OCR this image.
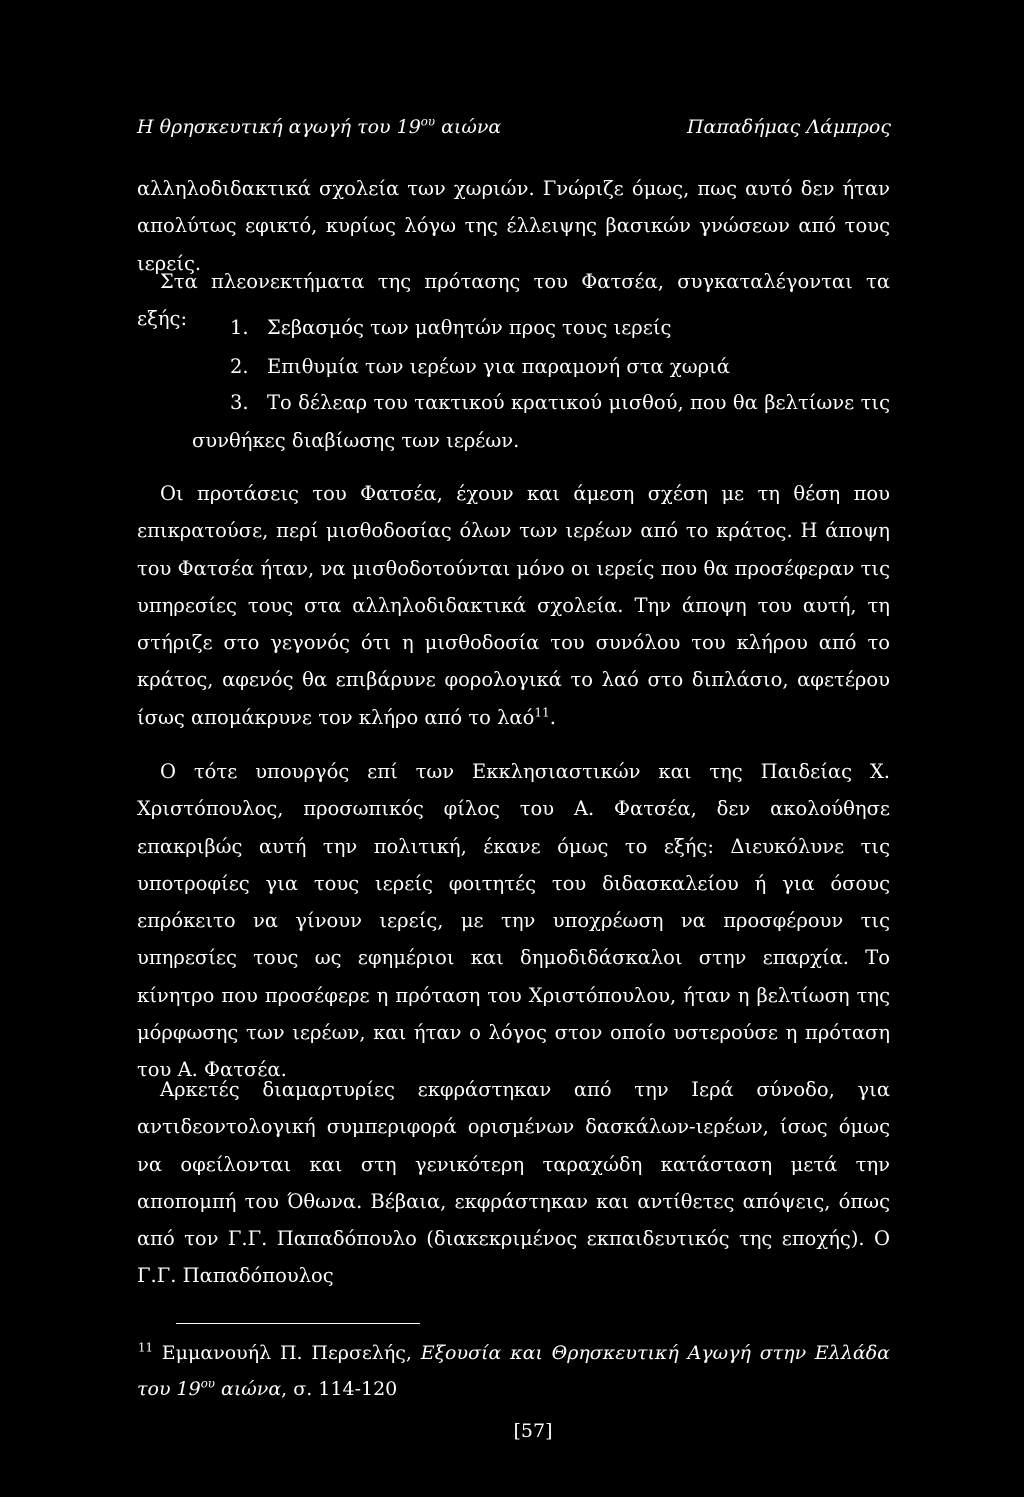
Η θρησκευτική αγωγή του $19^{o\upsilon}$ αιώνα	Παπαδήμας Λάμπρος
αλληλοδιδακτικά σχολεία των χωριών. Γνώριζε όμως, πως αυτό δεν ήταν απολύτως εφικτό, κυρίως λόγω της έλλειψης βασικών γνώσεων από τους ιερείς.
Στα πλεονεκτήματα της πρότασης του Φατσέα, συγκαταλέγονται τα εξής:	1. Σεβασμός των μαθητών προς τους ιερείς
2. Επιθυμία των ιερέων για παραμονή στα χωριά
3. Το δέλεαρ του τακτικού κρατικού μισθού, που θα βελτίωνε τις συνθήκες διαβίωσης των ιερέων.
Οι προτάσεις του Φατσέα, έχουν και άμεση σχέση με τη θέση που επικρατούσε, περί μισθοδοσίας όλων των ιερέων από το κράτος. Η άποψη του Φατσέα ήταν, να μισθοδοτούνται μόνο οι ιερείς που θα προσέφεραν τις υπηρεσίες τους στα αλληλοδιδακτικά σχολεία. Την άποψη του αυτή, τη στήριζε στο γεγονός ότι η μισθοδοσία του συνόλου του κλήρου από το κράτος, αφενός θα επιβάρυνε φορολογικά το λαό στο διπλάσιο, αφετέρου ίσως απομάκρυνε τον κλήρο από το λαό$^{11}$.
Ο τότε υπουργός επί των Εκκλησιαστικών και της Παιδείας Χ. Χριστόπουλος, προσωπικός φίλος του Α. Φατσέα, δεν ακολούθησε επακριβώς αυτή την πολιτική, έκανε όμως το εξής: Διευκόλυνε τις υποτροφίες για τους ιερείς φοιτητές του διδασκαλείου ή για όσους επρόκειτο να γίνουν ιερείς, με την υποχρέωση να προσφέρουν τις υπηρεσίες τους ως εφημέριοι και δημοδιδάσκαλοι στην επαρχία. Το κίνητρο που προσέφερε η πρόταση του Χριστόπουλου, ήταν η βελτίωση της μόρφωσης των ιερέων, και ήταν ο λόγος στον οποίο υστερούσε η πρόταση του Α. Φατσέα.
Αρκετές διαμαρτυρίες εκφράστηκαν από την Ιερά σύνοδο, για αντιδεοντολογική συμπεριφορά ορισμένων δασκάλων-ιερέων, ίσως όμως να οφείλονται και στη γενικότερη ταραχώδη κατάσταση μετά την αποπομπή του Όθωνα. Βέβαια, εκφράστηκαν και αντίθετες απόψεις, όπως από τον Γ.Γ. Παπαδόπουλο (διακεκριμένος εκπαιδευτικός της εποχής). Ο Γ.Γ. Παπαδόπουλος
$^{11}$ Εμμανουήλ Π. Περσελής, Εξουσία και Θρησκευτική Αγωγή στην Ελλάδα του $19^{o\upsilon}$ αιώνα, σ. 114-120
[57]
